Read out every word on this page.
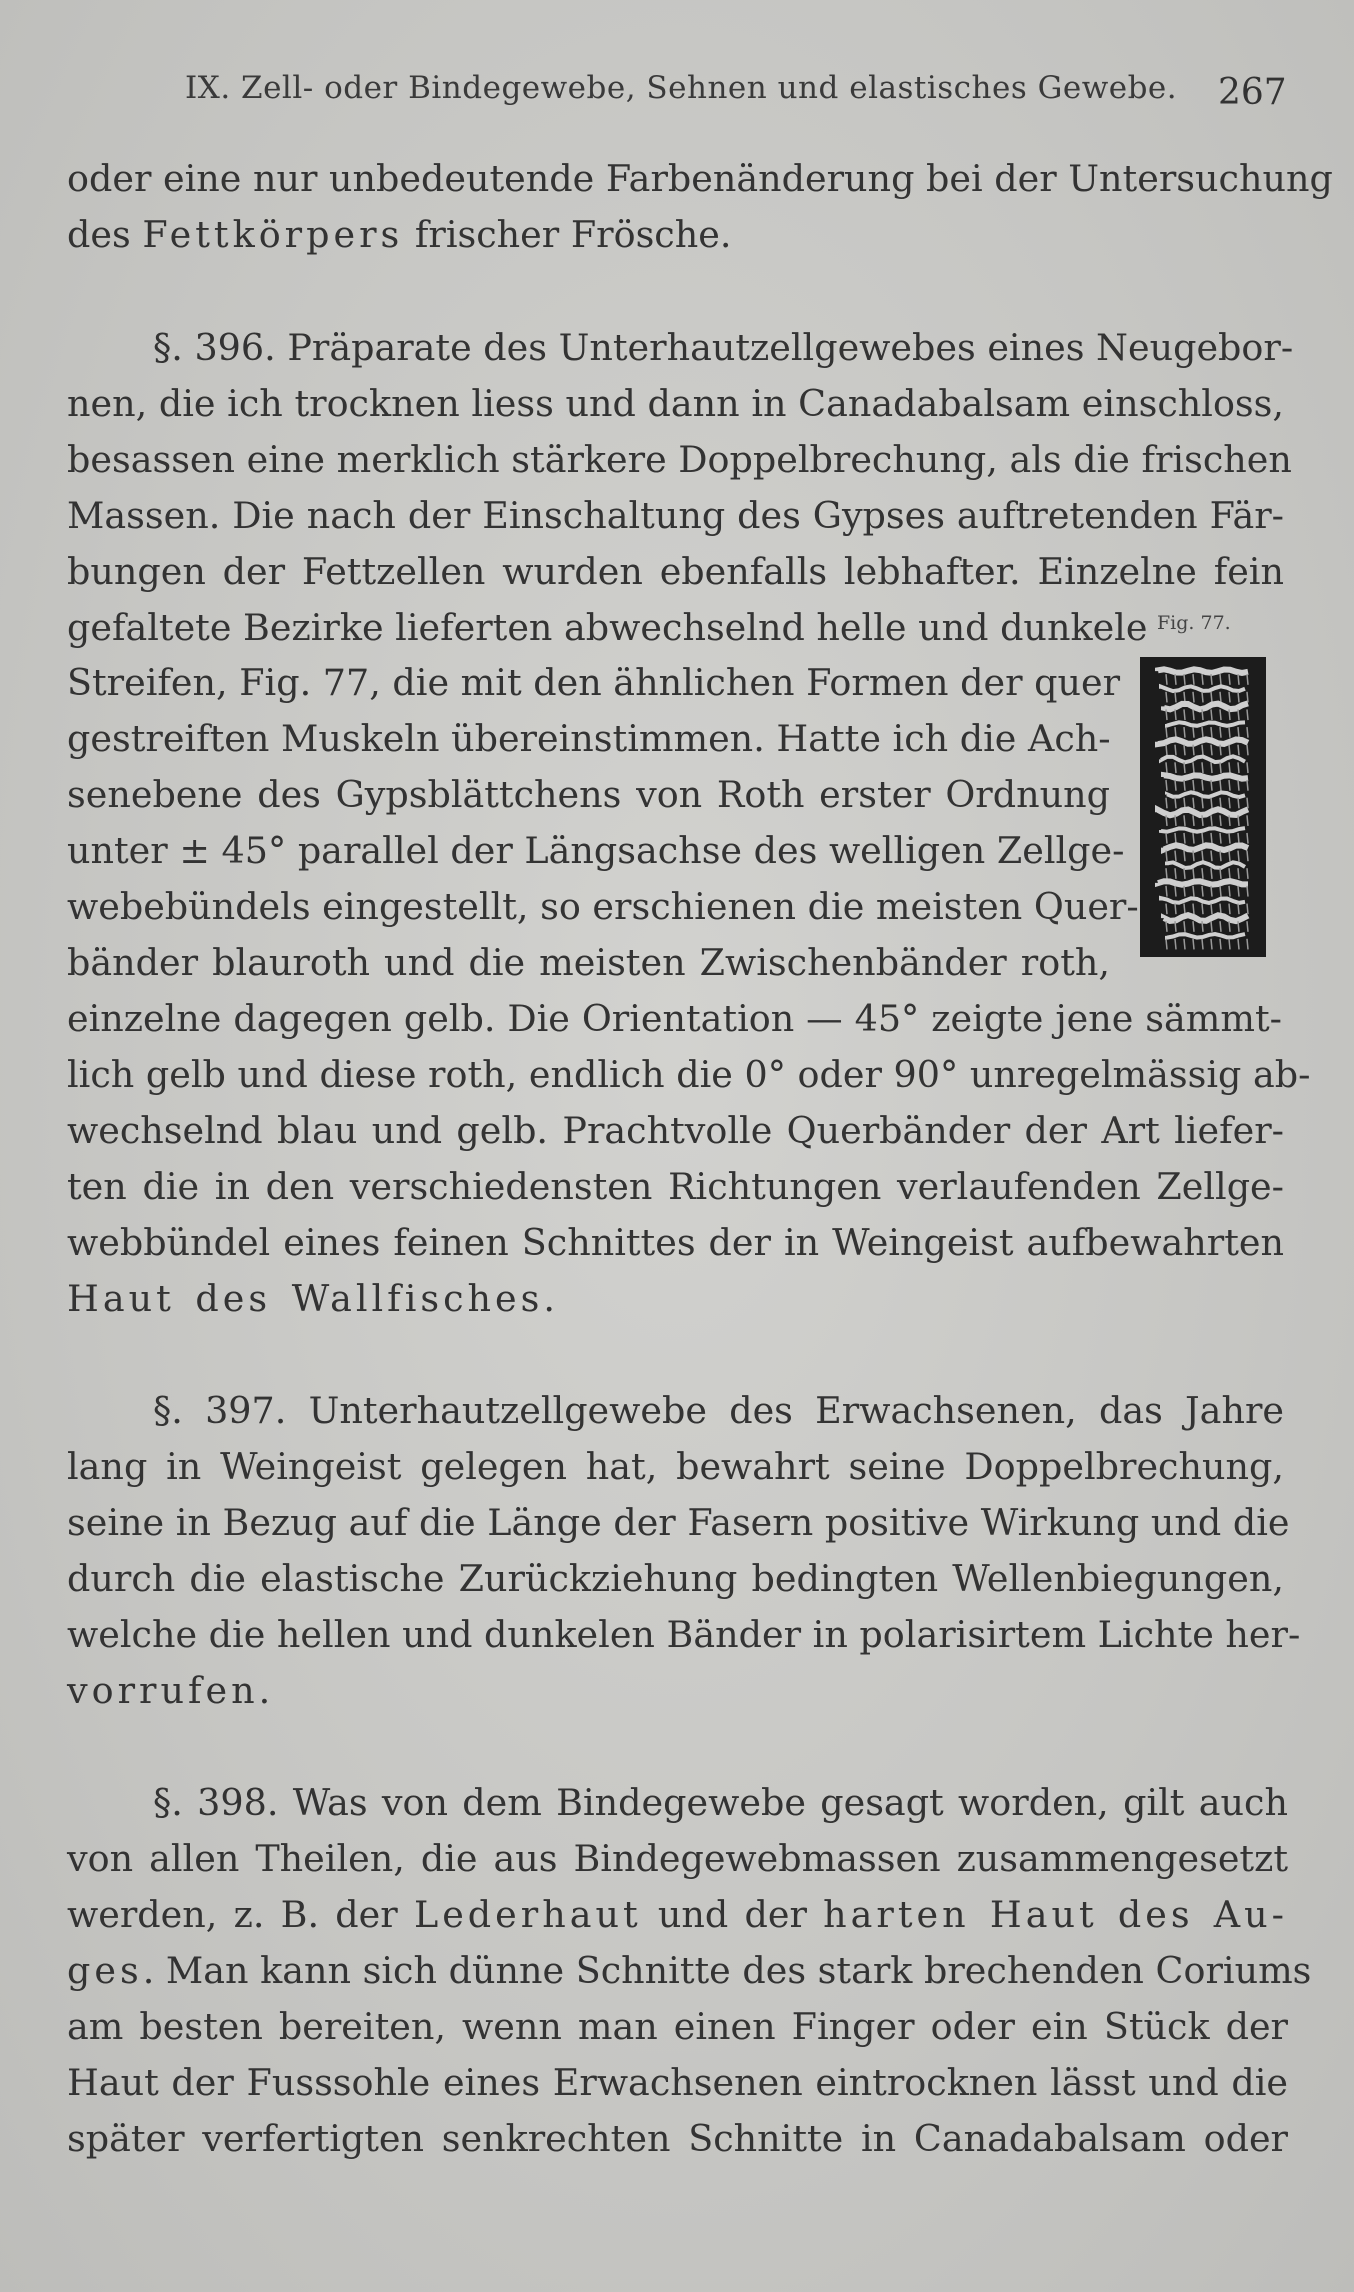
IX. Zell- oder Bindegewebe, Sehnen und elastisches Gewebe.	267
oder eine nur unbedeutende Farbenänderung bei der Untersuchung
des Fettkörpers frischer Frösche.
§. 396. Präparate des Unterhautzellgewebes eines Neugebor-
nen, die ich trocknen liess und dann in Canadabalsam einschloss,
besassen eine merklich stärkere Doppelbrechung, als die frischen
Massen. Die nach der Einschaltung des Gypses auftretenden Fär-
bungen der Fettzellen wurden ebenfalls lebhafter. Einzelne fein
gefaltete Bezirke lieferten abwechselnd helle und dunkele
Streifen, Fig. 77, die mit den ähnlichen Formen der quer
gestreiften Muskeln übereinstimmen. Hatte ich die Ach-
senebene des Gypsblättchens von Roth erster Ordnung
unter ± 45° parallel der Längsachse des welligen Zellge-
webebündels eingestellt, so erschienen die meisten Quer-
bänder blauroth und die meisten Zwischenbänder roth,
einzelne dagegen gelb. Die Orientation — 45° zeigte jene sämmt-
lich gelb und diese roth, endlich die 0° oder 90° unregelmässig ab-
wechselnd blau und gelb. Prachtvolle Querbänder der Art liefer-
ten die in den verschiedensten Richtungen verlaufenden Zellge-
webbündel eines feinen Schnittes der in Weingeist aufbewahrten
Haut des Wallfisches.
§. 397. Unterhautzellgewebe des Erwachsenen, das Jahre
lang in Weingeist gelegen hat, bewahrt seine Doppelbrechung,
seine in Bezug auf die Länge der Fasern positive Wirkung und die
durch die elastische Zurückziehung bedingten Wellenbiegungen,
welche die hellen und dunkelen Bänder in polarisirtem Lichte her-
vorrufen.
§. 398. Was von dem Bindegewebe gesagt worden, gilt auch
von allen Theilen, die aus Bindegewebmassen zusammengesetzt
werden, z. B. der Lederhaut und der harten Haut des Au-
ges. Man kann sich dünne Schnitte des stark brechenden Coriums
am besten bereiten, wenn man einen Finger oder ein Stück der
Haut der Fusssohle eines Erwachsenen eintrocknen lässt und die
später verfertigten senkrechten Schnitte in Canadabalsam oder
Fig. 77.
